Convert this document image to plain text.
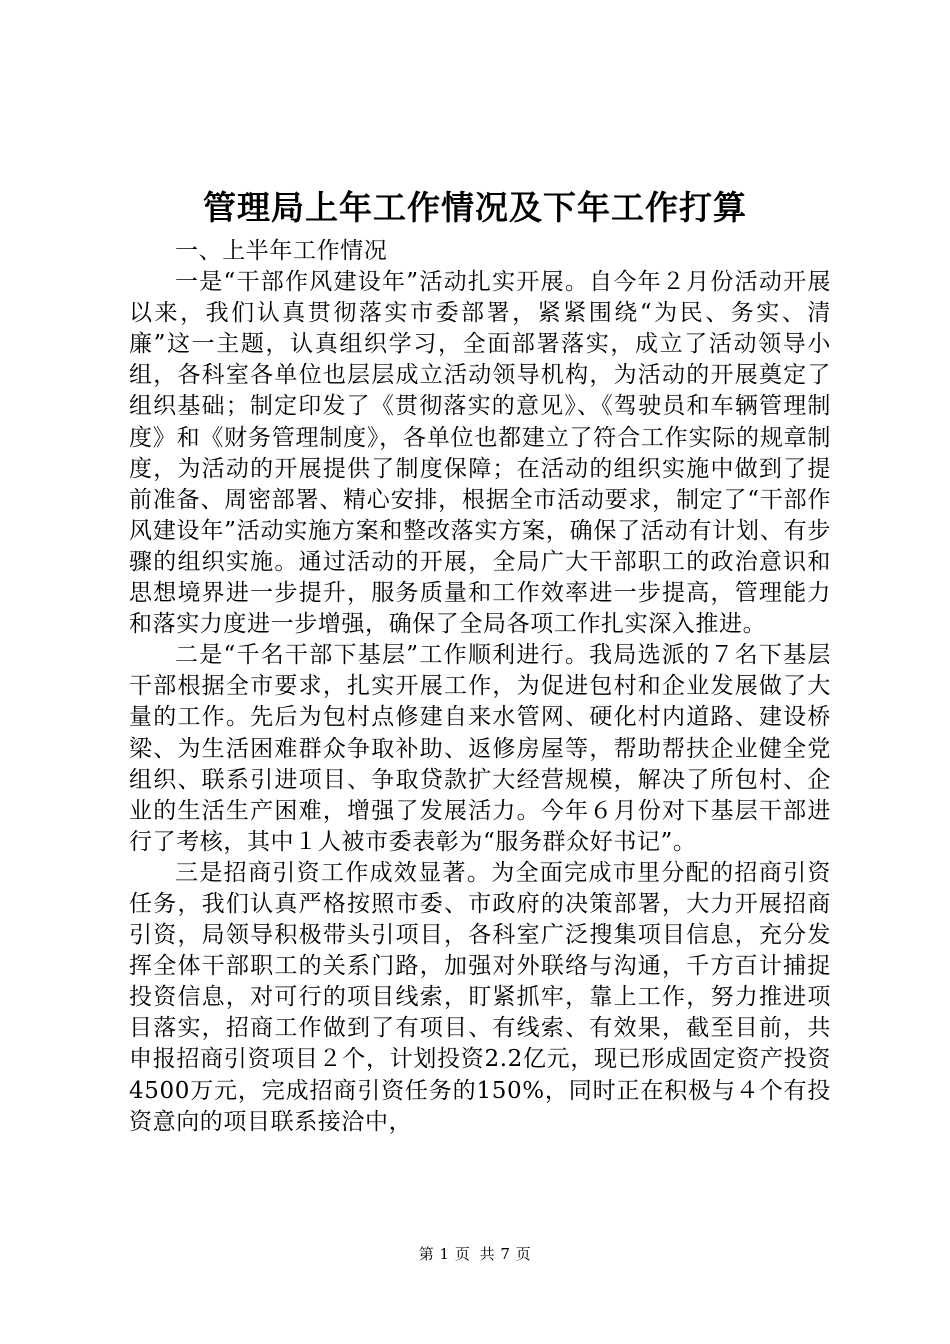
管理局上年工作情况及下年工作打算

一、上半年工作情况

一是“干部作风建设年”活动扎实开展。自今年２月份活动开展以来，我们认真贯彻落实市委部署，紧紧围绕“为民、务实、清廉”这一主题，认真组织学习，全面部署落实，成立了活动领导小组，各科室各单位也层层成立活动领导机构，为活动的开展奠定了组织基础；制定印发了《贯彻落实的意见》、《驾驶员和车辆管理制度》和《财务管理制度》，各单位也都建立了符合工作实际的规章制度，为活动的开展提供了制度保障；在活动的组织实施中做到了提前准备、周密部署、精心安排，根据全市活动要求，制定了“干部作风建设年”活动实施方案和整改落实方案，确保了活动有计划、有步骤的组织实施。通过活动的开展，全局广大干部职工的政治意识和思想境界进一步提升，服务质量和工作效率进一步提高，管理能力和落实力度进一步增强，确保了全局各项工作扎实深入推进。

二是“千名干部下基层”工作顺利进行。我局选派的７名下基层干部根据全市要求，扎实开展工作，为促进包村和企业发展做了大量的工作。先后为包村点修建自来水管网、硬化村内道路、建设桥梁、为生活困难群众争取补助、返修房屋等，帮助帮扶企业健全党组织、联系引进项目、争取贷款扩大经营规模，解决了所包村、企业的生活生产困难，增强了发展活力。今年６月份对下基层干部进行了考核，其中１人被市委表彰为“服务群众好书记”。

三是招商引资工作成效显著。为全面完成市里分配的招商引资任务，我们认真严格按照市委、市政府的决策部署，大力开展招商引资，局领导积极带头引项目，各科室广泛搜集项目信息，充分发挥全体干部职工的关系门路，加强对外联络与沟通，千方百计捕捉投资信息，对可行的项目线索，盯紧抓牢，靠上工作，努力推进项目落实，招商工作做到了有项目、有线索、有效果，截至目前，共申报招商引资项目２个，计划投资2.2亿元，现已形成固定资产投资4500万元，完成招商引资任务的150%，同时正在积极与４个有投资意向的项目联系接洽中，

第 1 页 共 7 页
